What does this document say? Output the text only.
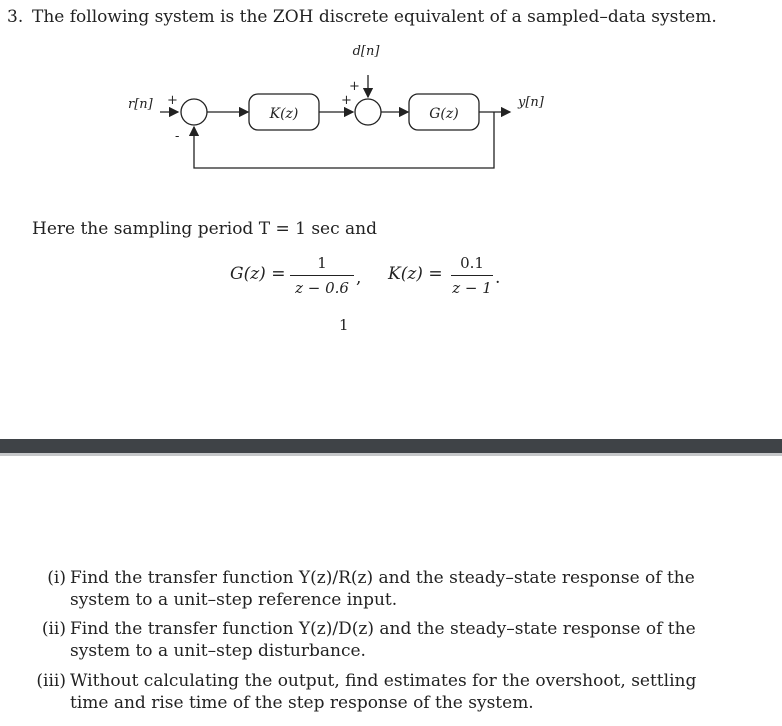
3. The following system is the ZOH discrete equivalent of a sampled–data system.
r[n] +
-
K(z)
d[n]
+
+
G(z)
y[n]
Here the sampling period T = 1 sec and
G(z) =
1
z − 0.6 , K(z) =
0.1
z − 1 .
1
(i) Find the transfer function Y(z)/R(z) and the steady–state response of the system to a unit–step reference input.
(ii) Find the transfer function Y(z)/D(z) and the steady–state response of the system to a unit–step disturbance.
(iii) Without calculating the output, find estimates for the overshoot, settling time and rise time of the step response of the system.
